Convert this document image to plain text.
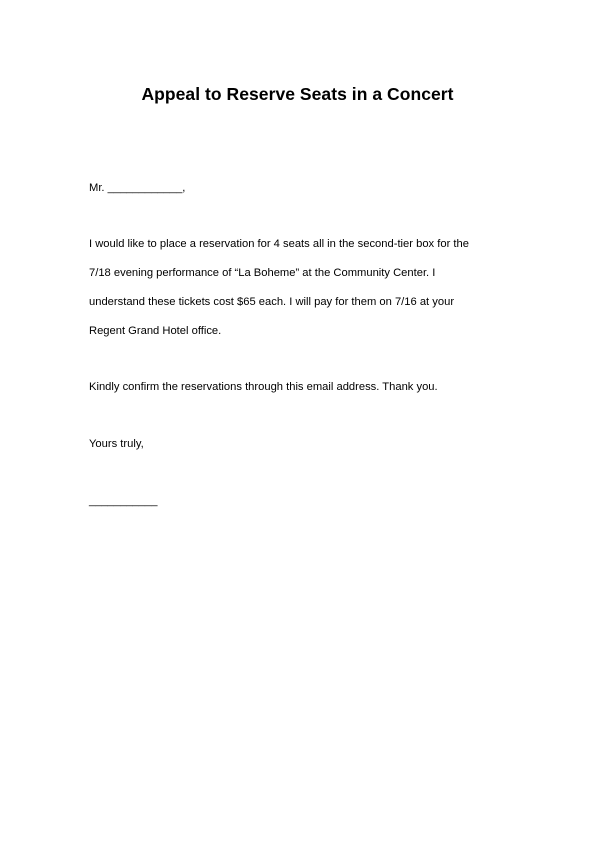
Appeal to Reserve Seats in a Concert
Mr. ____________,
I would like to place a reservation for 4 seats all in the second-tier box for the
7/18 evening performance of “La Boheme” at the Community Center. I
understand these tickets cost $65 each. I will pay for them on 7/16 at your
Regent Grand Hotel office.
Kindly confirm the reservations through this email address. Thank you.
Yours truly,
___________
